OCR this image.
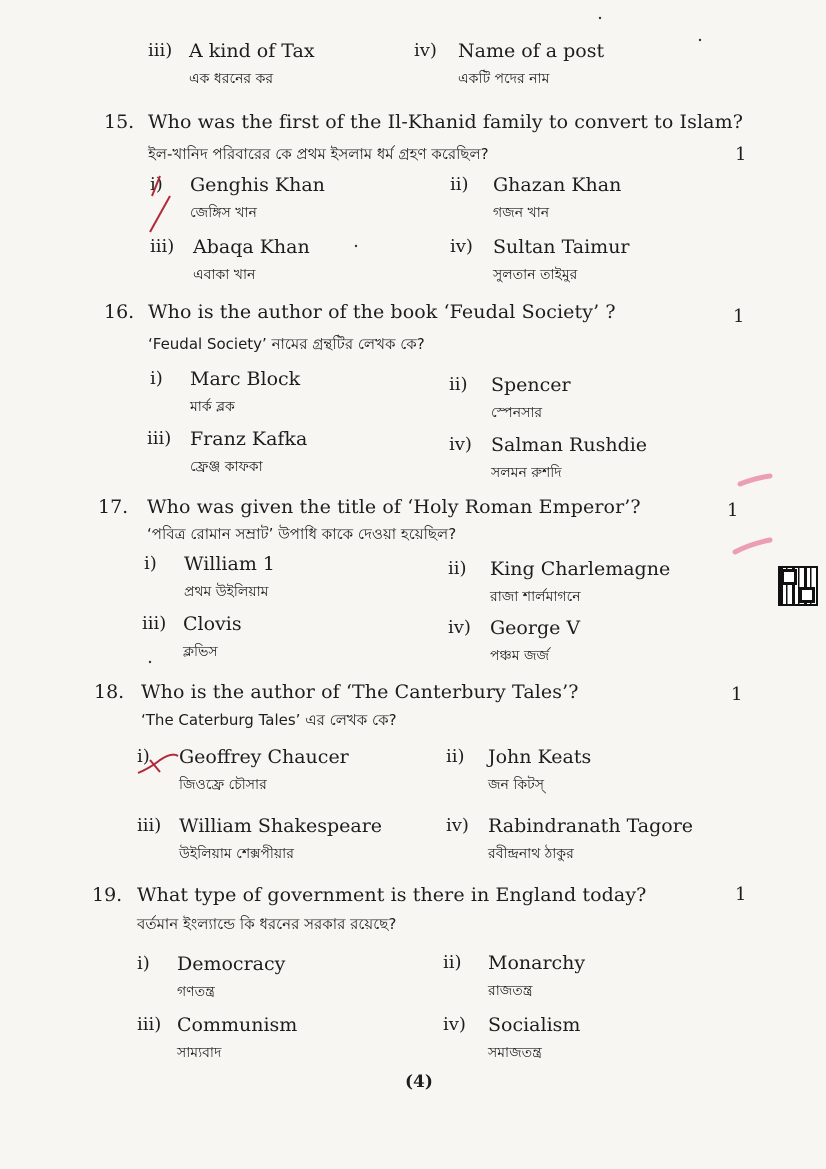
iii) A kind of Tax
এক ধরনের কর
iv) Name of a post
একটি পদের নাম
15. Who was the first of the Il-Khanid family to convert to Islam?
ইল-খানিদ পরিবারের কে প্রথম ইসলাম ধর্ম গ্রহণ করেছিল?	1
i) Genghis Khan
জেঙ্গিস খান
ii) Ghazan Khan
গজন খান
iii) Abaqa Khan
এবাকা খান
iv) Sultan Taimur
সুলতান তাইমুর
16. Who is the author of the book ‘Feudal Society’ ?
‘Feudal Society’ নামের গ্রন্থটির লেখক কে?
1
i) Marc Block
মার্ক ব্লক
ii) Spencer
স্পেনসার
iii) Franz Kafka
ফ্রেঞ্জ কাফকা
iv) Salman Rushdie
সলমন রুশদি
17. Who was given the title of ‘Holy Roman Emperor’?
‘পবিত্র রোমান সম্রাট’ উপাধি কাকে দেওয়া হয়েছিল?
1
i) William 1
প্রথম উইলিয়াম
ii) King Charlemagne
রাজা শার্লমাগনে
iii) Clovis
ক্লভিস
iv) George V
পঞ্চম জর্জ
18. Who is the author of ‘The Canterbury Tales’?
‘The Caterburg Tales’ এর লেখক কে?
1
i) Geoffrey Chaucer
জিওফ্রে চৌসার
ii) John Keats
জন কিটস্
iii) William Shakespeare
উইলিয়াম শেক্সপীয়ার
iv) Rabindranath Tagore
রবীন্দ্রনাথ ঠাকুর
19. What type of government is there in England today?
বর্তমান ইংল্যান্ডে কি ধরনের সরকার রয়েছে?
1
i) Democracy
গণতন্ত্র
ii) Monarchy
রাজতন্ত্র
iii) Communism
সাম্যবাদ
iv) Socialism
সমাজতন্ত্র
(4)
